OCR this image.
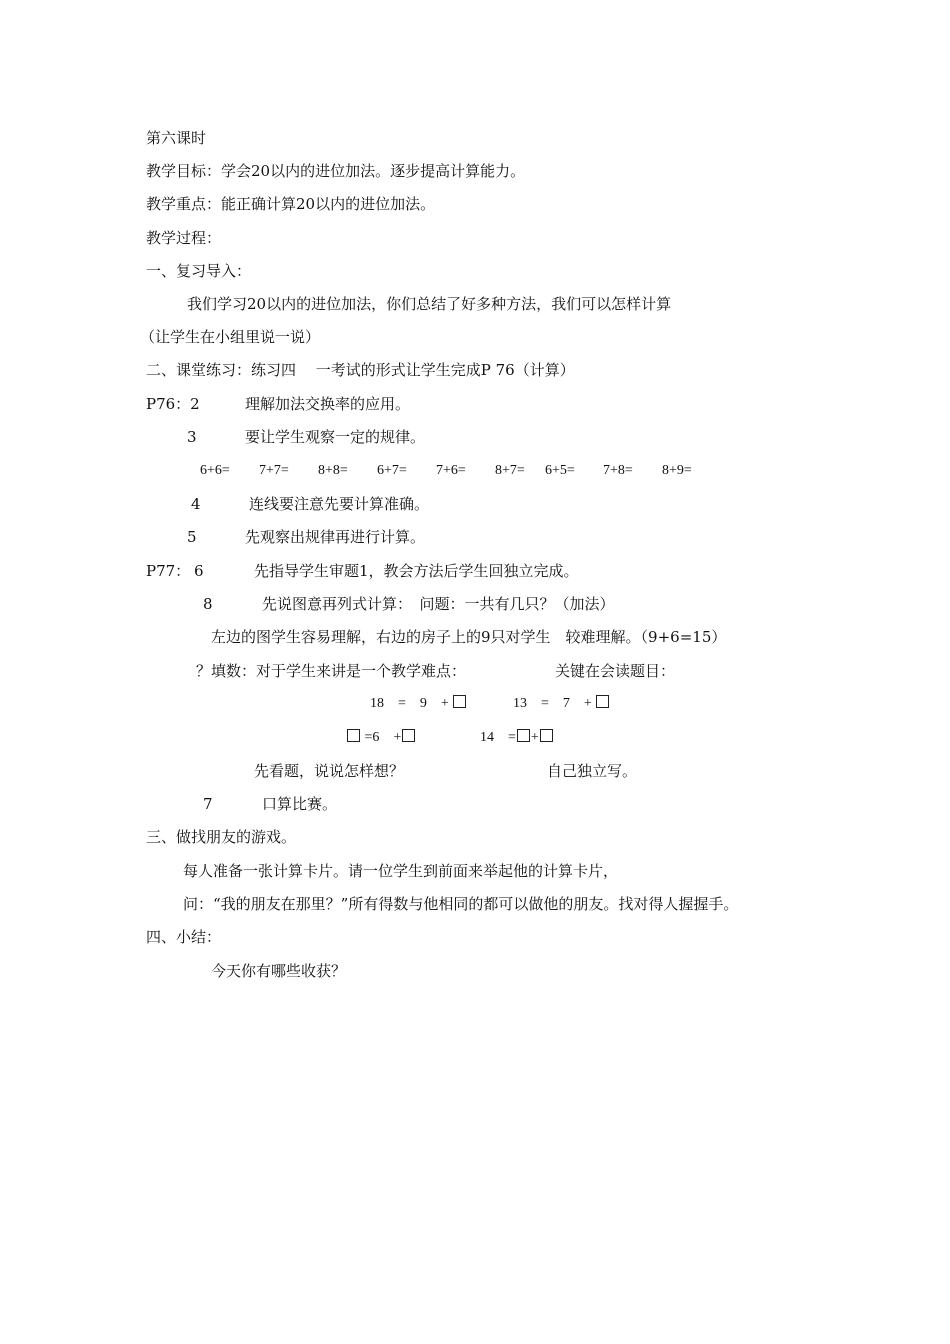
第六课时
教学目标：学会20以内的进位加法。逐步提高计算能力。
教学重点：能正确计算20以内的进位加法。
教学过程：
一、复习导入：
我们学习20以内的进位加法，你们总结了好多种方法，我们可以怎样计算
（让学生在小组里说一说）
二、课堂练习：练习四　 一考试的形式让学生完成P 76（计算）
P76：2	理解加法交换率的应用。
3	要让学生观察一定的规律。
6+6= 7+7= 8+8= 6+7= 7+6= 8+7= 6+5= 7+8= 8+9=
4	连线要注意先要计算准确。
5	先观察出规律再进行计算。
P77： 6	先指导学生审题1，教会方法后学生回独立完成。
8	先说图意再列式计算：　问题：一共有几只？（加法）
左边的图学生容易理解，右边的房子上的9只对学生　较难理解。（9+6=15）
？填数：对于学生来讲是一个教学难点：	关键在会读题目：
18　=　9　+	13　=　7　+
=6　+	14　= +
先看题，说说怎样想？	自己独立写。
7	口算比赛。
三、做找朋友的游戏。
每人准备一张计算卡片。请一位学生到前面来举起他的计算卡片，
问：“我的朋友在那里？”所有得数与他相同的都可以做他的朋友。找对得人握握手。
四、小结：
今天你有哪些收获？
